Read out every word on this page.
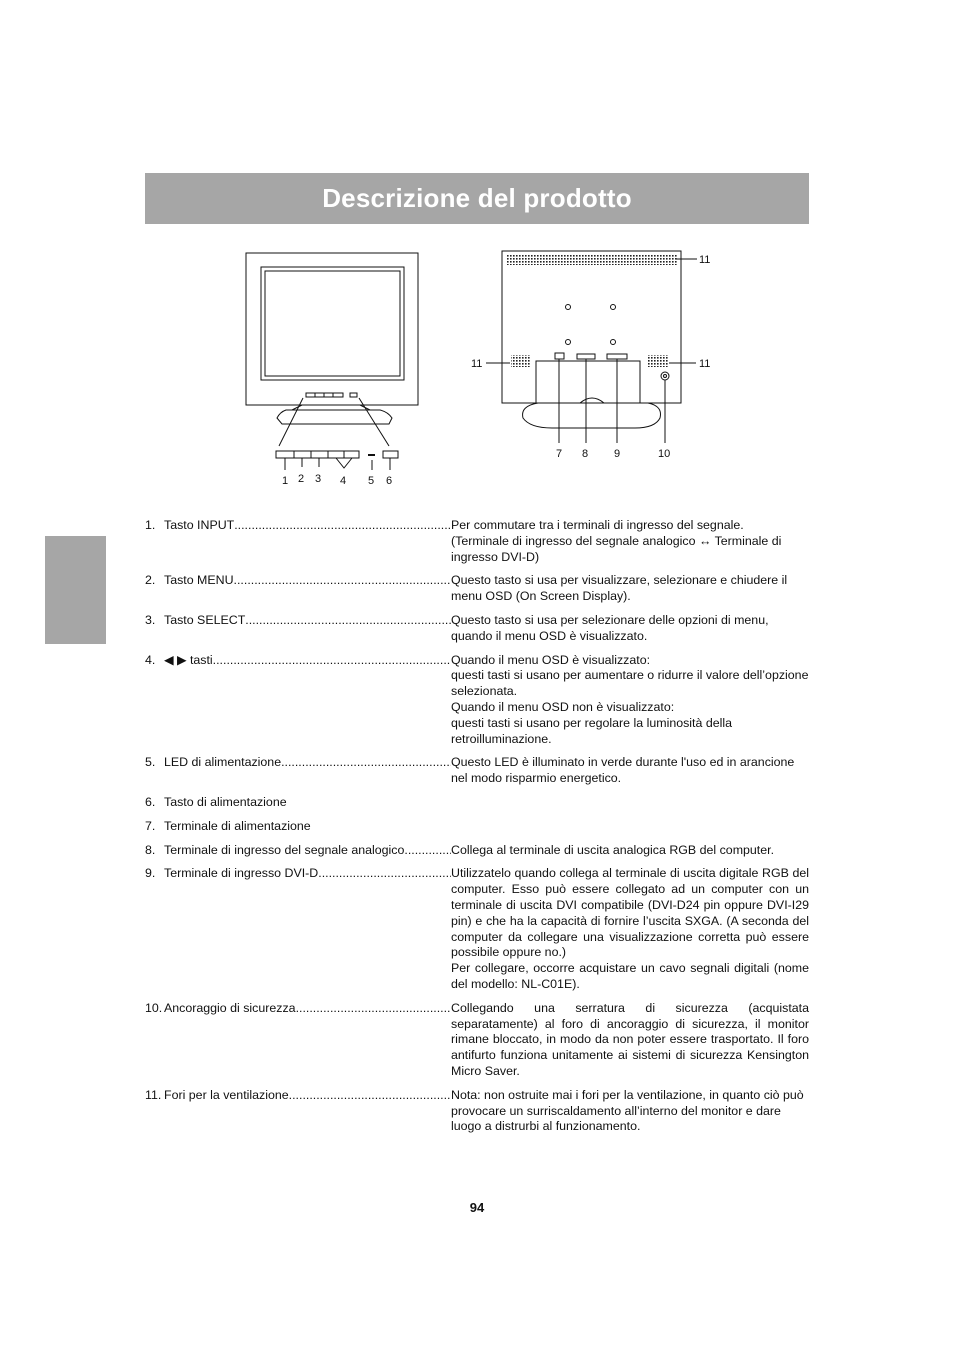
Descrizione del prodotto
1 2 3 4 5 6
7 8 9	10
11
11	11
1. Tasto INPUT .....	Per commutare tra i terminali di ingresso del segnale.
(Terminale di ingresso del segnale analogico ↔ Terminale di ingresso DVI-D)
2. Tasto MENU .....	Questo tasto si usa per visualizzare, selezionare e chiudere il menu OSD (On Screen Display).
3. Tasto SELECT .....	Questo tasto si usa per selezionare delle opzioni di menu, quando il menu OSD è visualizzato.
4. ◀ ▶ tasti .....	Quando il menu OSD è visualizzato:
questi tasti si usano per aumentare o ridurre il valore dell’opzione selezionata.
Quando il menu OSD non è visualizzato:
questi tasti si usano per regolare la luminosità della retroilluminazione.
5. LED di alimentazione .....	Questo LED è illuminato in verde durante l'uso ed in arancione nel modo risparmio energetico.
6. Tasto di alimentazione
7. Terminale di alimentazione
8. Terminale di ingresso del segnale analogico .....	Collega al terminale di uscita analogica RGB del computer.
9. Terminale di ingresso DVI-D .....	Utilizzatelo quando collega al terminale di uscita digitale RGB del computer. Esso può essere collegato ad un computer con un terminale di uscita DVI compatibile (DVI-D24 pin oppure DVI-I29 pin) e che ha la capacità di fornire l’uscita SXGA. (A seconda del computer da collegare una visualizzazione corretta può essere possibile oppure no.)
Per collegare, occorre acquistare un cavo segnali digitali (nome del modello: NL-C01E).
10. Ancoraggio di sicurezza .....	Collegando una serratura di sicurezza (acquistata separatamente) al foro di ancoraggio di sicurezza, il monitor rimane bloccato, in modo da non poter essere trasportato. Il foro antifurto funziona unitamente ai sistemi di sicurezza Kensington Micro Saver.
11. Fori per la ventilazione .....	Nota: non ostruite mai i fori per la ventilazione, in quanto ciò può provocare un surriscaldamento all’interno del monitor e dare luogo a distrurbi al funzionamento.
94
